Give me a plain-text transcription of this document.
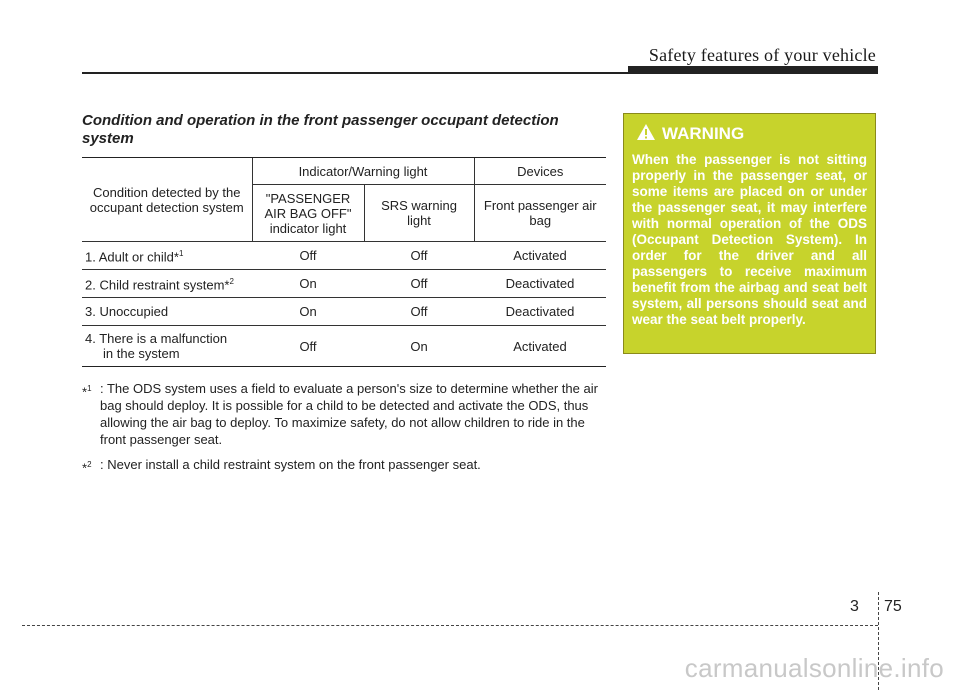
Safety features of your vehicle
Condition and operation in the front passenger occupant detection system
Condition detected by the occupant detection system	Indicator/Warning light		Devices
	"PASSENGER AIR BAG OFF" indicator light	SRS warning light	Front passenger air bag
1. Adult or child*$^1$	Off	Off	Activated
2. Child restraint system*$^2$	On	Off	Deactivated
3. Unoccupied	On	Off	Deactivated
4. There is a malfunction
in the system	Off	On	Activated
*$^1$ : The ODS system uses a field to evaluate a person's size to determine whether the air bag should deploy. It is possible for a child to be detected and activate the ODS, thus allowing the air bag to deploy. To maximize safety, do not allow children to ride in the front passenger seat.
*$^2$ : Never install a child restraint system on the front passenger seat.
WARNING
When the passenger is not sitting properly in the passenger seat, or some items are placed on or under the passenger seat, it may interfere with normal operation of the ODS (Occupant Detection System). In order for the driver and all passengers to receive maximum benefit from the airbag and seat belt system, all persons should seat and wear the seat belt properly.
3 75
carmanualsonline.info
